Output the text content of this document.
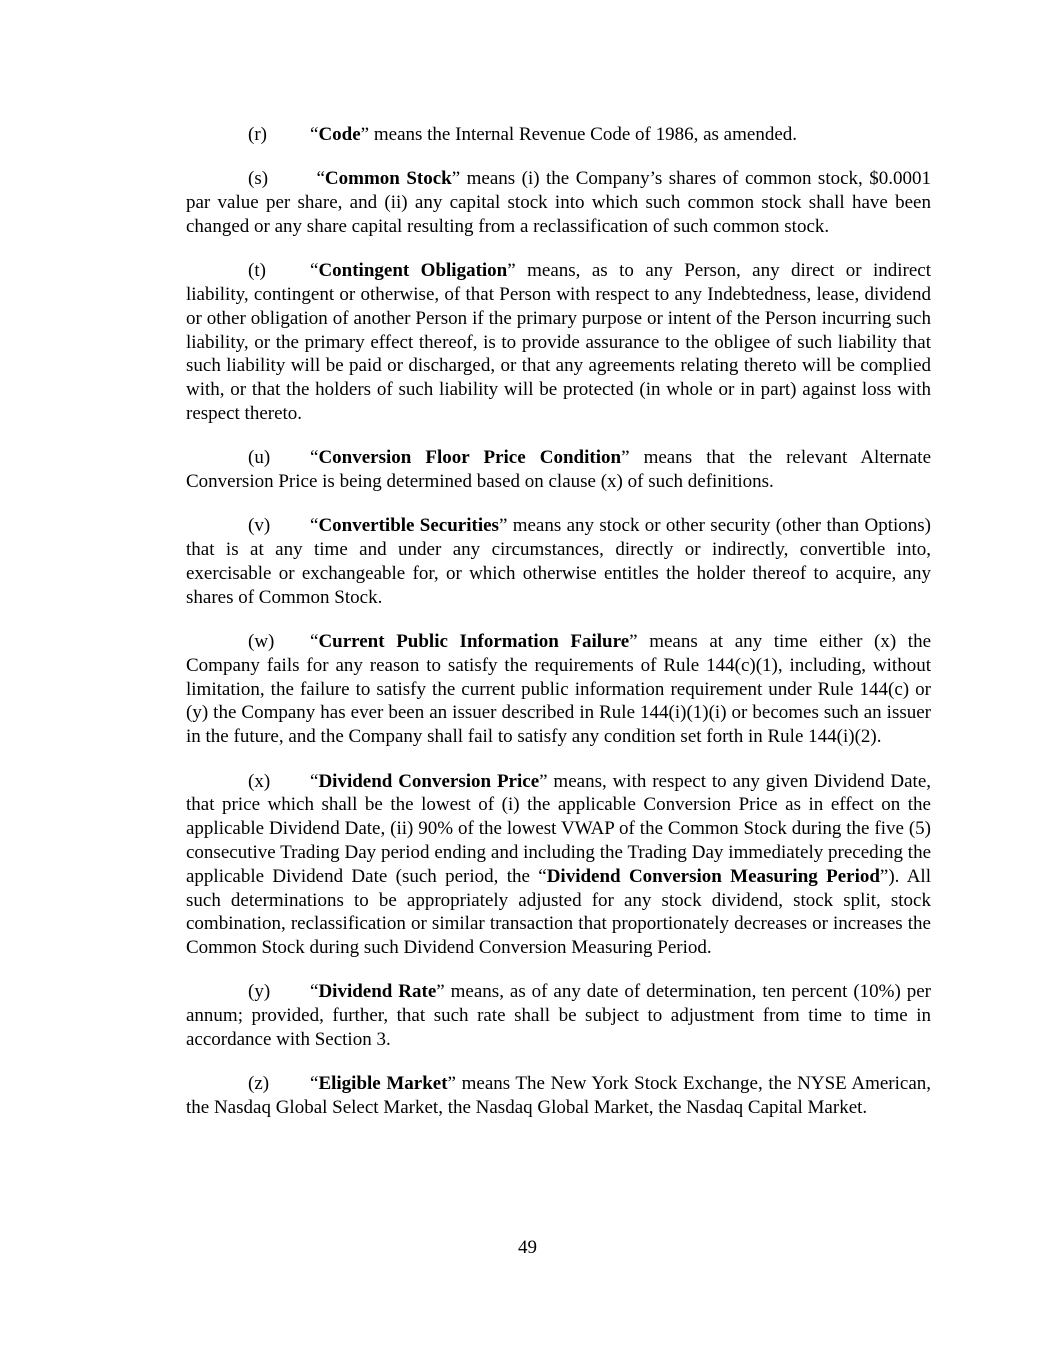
(r) “Code” means the Internal Revenue Code of 1986, as amended.

(s) “Common Stock” means (i) the Company’s shares of common stock, $0.0001 par value per share, and (ii) any capital stock into which such common stock shall have been changed or any share capital resulting from a reclassification of such common stock.

(t) “Contingent Obligation” means, as to any Person, any direct or indirect liability, contingent or otherwise, of that Person with respect to any Indebtedness, lease, dividend or other obligation of another Person if the primary purpose or intent of the Person incurring such liability, or the primary effect thereof, is to provide assurance to the obligee of such liability that such liability will be paid or discharged, or that any agreements relating thereto will be complied with, or that the holders of such liability will be protected (in whole or in part) against loss with respect thereto.

(u) “Conversion Floor Price Condition” means that the relevant Alternate Conversion Price is being determined based on clause (x) of such definitions.

(v) “Convertible Securities” means any stock or other security (other than Options) that is at any time and under any circumstances, directly or indirectly, convertible into, exercisable or exchangeable for, or which otherwise entitles the holder thereof to acquire, any shares of Common Stock.

(w) “Current Public Information Failure” means at any time either (x) the Company fails for any reason to satisfy the requirements of Rule 144(c)(1), including, without limitation, the failure to satisfy the current public information requirement under Rule 144(c) or (y) the Company has ever been an issuer described in Rule 144(i)(1)(i) or becomes such an issuer in the future, and the Company shall fail to satisfy any condition set forth in Rule 144(i)(2).

(x) “Dividend Conversion Price” means, with respect to any given Dividend Date, that price which shall be the lowest of (i) the applicable Conversion Price as in effect on the applicable Dividend Date, (ii) 90% of the lowest VWAP of the Common Stock during the five (5) consecutive Trading Day period ending and including the Trading Day immediately preceding the applicable Dividend Date (such period, the “Dividend Conversion Measuring Period”). All such determinations to be appropriately adjusted for any stock dividend, stock split, stock combination, reclassification or similar transaction that proportionately decreases or increases the Common Stock during such Dividend Conversion Measuring Period.

(y) “Dividend Rate” means, as of any date of determination, ten percent (10%) per annum; provided, further, that such rate shall be subject to adjustment from time to time in accordance with Section 3.

(z) “Eligible Market” means The New York Stock Exchange, the NYSE American, the Nasdaq Global Select Market, the Nasdaq Global Market, the Nasdaq Capital Market.

49
